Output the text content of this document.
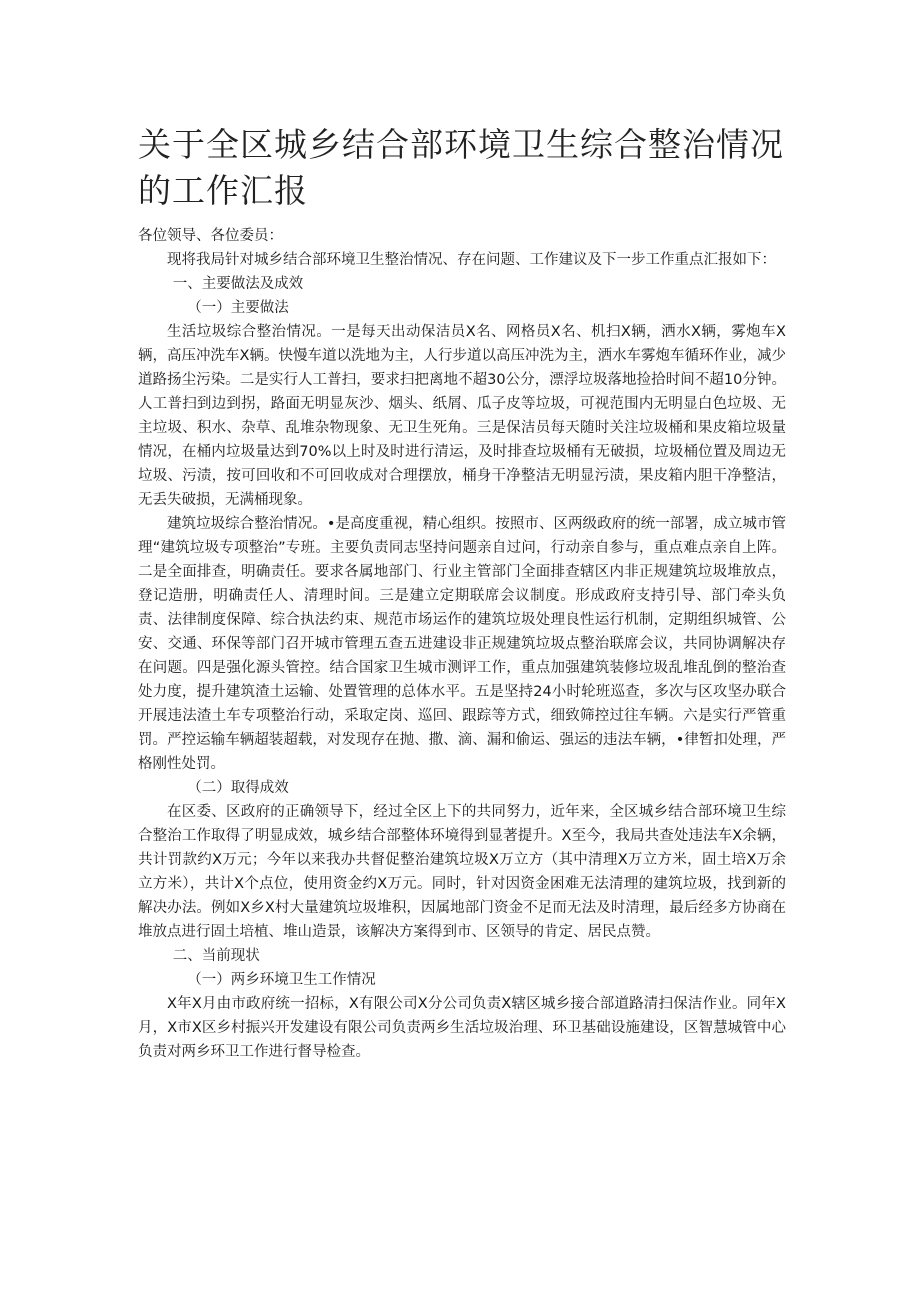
关于全区城乡结合部环境卫生综合整治情况的工作汇报

各位领导、各位委员：

现将我局针对城乡结合部环境卫生整治情况、存在问题、工作建议及下一步工作重点汇报如下：

一、主要做法及成效

（一）主要做法

生活垃圾综合整治情况。一是每天出动保洁员X名、网格员X名、机扫X辆，洒水X辆，雾炮车X辆，高压冲洗车X辆。快慢车道以洗地为主，人行步道以高压冲洗为主，洒水车雾炮车循环作业，减少道路扬尘污染。二是实行人工普扫，要求扫把离地不超30公分，漂浮垃圾落地捡拾时间不超10分钟。人工普扫到边到拐，路面无明显灰沙、烟头、纸屑、瓜子皮等垃圾，可视范围内无明显白色垃圾、无主垃圾、积水、杂草、乱堆杂物现象、无卫生死角。三是保洁员每天随时关注垃圾桶和果皮箱垃圾量情况，在桶内垃圾量达到70%以上时及时进行清运，及时排查垃圾桶有无破损，垃圾桶位置及周边无垃圾、污渍，按可回收和不可回收成对合理摆放，桶身干净整洁无明显污渍，果皮箱内胆干净整洁，无丢失破损，无满桶现象。

建筑垃圾综合整治情况。•是高度重视，精心组织。按照市、区两级政府的统一部署，成立城市管理“建筑垃圾专项整治”专班。主要负责同志坚持问题亲自过问，行动亲自参与，重点难点亲自上阵。二是全面排查，明确责任。要求各属地部门、行业主管部门全面排查辖区内非正规建筑垃圾堆放点，登记造册，明确责任人、清理时间。三是建立定期联席会议制度。形成政府支持引导、部门牵头负责、法律制度保障、综合执法约束、规范市场运作的建筑垃圾处理良性运行机制，定期组织城管、公安、交通、环保等部门召开城市管理五查五进建设非正规建筑垃圾点整治联席会议，共同协调解决存在问题。四是强化源头管控。结合国家卫生城市测评工作，重点加强建筑装修垃圾乱堆乱倒的整治查处力度，提升建筑渣土运输、处置管理的总体水平。五是坚持24小时轮班巡查，多次与区攻坚办联合开展违法渣土车专项整治行动，采取定岗、巡回、跟踪等方式，细致筛控过往车辆。六是实行严管重罚。严控运输车辆超装超载，对发现存在抛、撒、滴、漏和偷运、强运的违法车辆，•律暂扣处理，严格刚性处罚。

（二）取得成效

在区委、区政府的正确领导下，经过全区上下的共同努力，近年来，全区城乡结合部环境卫生综合整治工作取得了明显成效，城乡结合部整体环境得到显著提升。X至今，我局共查处违法车X余辆，共计罚款约X万元；今年以来我办共督促整治建筑垃圾X万立方（其中清理X万立方米，固土培X万余立方米），共计X个点位，使用资金约X万元。同时，针对因资金困难无法清理的建筑垃圾，找到新的解决办法。例如X乡X村大量建筑垃圾堆积，因属地部门资金不足而无法及时清理，最后经多方协商在堆放点进行固土培植、堆山造景，该解决方案得到市、区领导的肯定、居民点赞。

二、当前现状

（一）两乡环境卫生工作情况

X年X月由市政府统一招标，X有限公司X分公司负责X辖区城乡接合部道路清扫保洁作业。同年X月，X市X区乡村振兴开发建设有限公司负责两乡生活垃圾治理、环卫基础设施建设，区智慧城管中心负责对两乡环卫工作进行督导检查。
